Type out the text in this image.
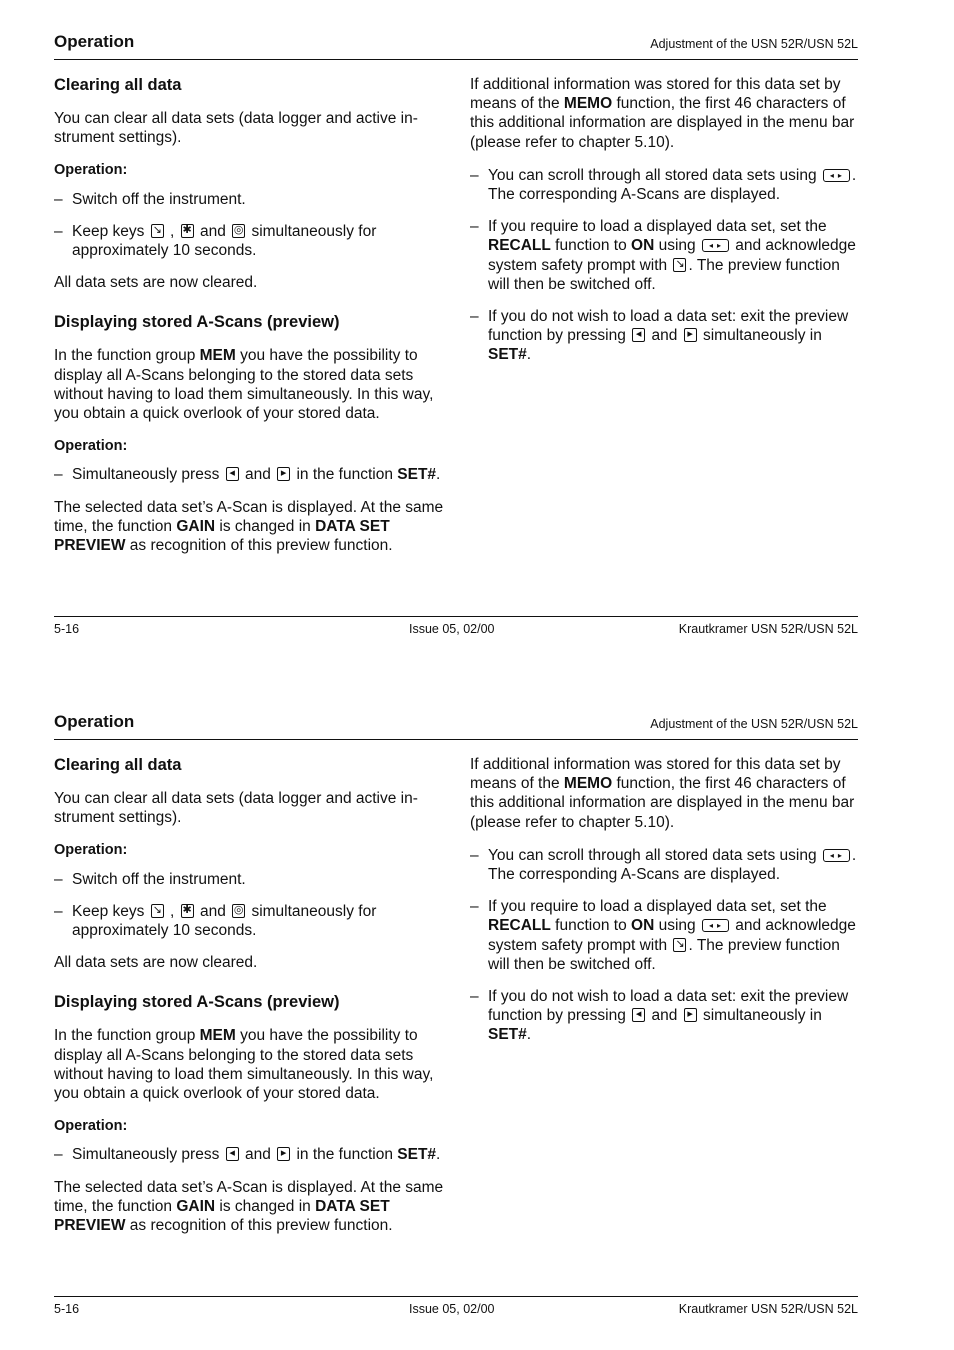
Operation	Adjustment of the USN 52R/USN 52L
Clearing all data

You can clear all data sets (data logger and active in-strument settings).

Operation:
– Switch off the instrument.
– Keep keys ↘ , ✱ and ◎ simultaneously for approximately 10 seconds.

All data sets are now cleared.

Displaying stored A-Scans (preview)

In the function group MEM you have the possibility to display all A-Scans belonging to the stored data sets without having to load them simultaneously. In this way, you obtain a quick overlook of your stored data.

Operation:
– Simultaneously press ◂ and ▸ in the function SET#.

The selected data set’s A-Scan is displayed. At the same time, the function GAIN is changed in DATA SET PREVIEW as recognition of this preview function.

If additional information was stored for this data set by means of the MEMO function, the first 46 characters of this additional information are displayed in the menu bar (please refer to chapter 5.10).

– You can scroll through all stored data sets using	◂▸ . The corresponding A-Scans are displayed.
– If you require to load a displayed data set, set the RECALL function to ON using	◂▸ and acknowledge system safety prompt with ↘ . The preview function will then be switched off.
– If you do not wish to load a data set: exit the preview function by pressing ◂ and ▸ simultaneously in SET#.
5-16	Issue 05, 02/00	Krautkramer USN 52R/USN 52L
Operation	Adjustment of the USN 52R/USN 52L
Clearing all data

You can clear all data sets (data logger and active in-strument settings).

Operation:
– Switch off the instrument.
– Keep keys ↘ , ✱ and ◎ simultaneously for approximately 10 seconds.

All data sets are now cleared.

Displaying stored A-Scans (preview)

In the function group MEM you have the possibility to display all A-Scans belonging to the stored data sets without having to load them simultaneously. In this way, you obtain a quick overlook of your stored data.

Operation:
– Simultaneously press ◂ and ▸ in the function SET#.

The selected data set’s A-Scan is displayed. At the same time, the function GAIN is changed in DATA SET PREVIEW as recognition of this preview function.

If additional information was stored for this data set by means of the MEMO function, the first 46 characters of this additional information are displayed in the menu bar (please refer to chapter 5.10).

– You can scroll through all stored data sets using	◂▸ . The corresponding A-Scans are displayed.
– If you require to load a displayed data set, set the RECALL function to ON using	◂▸ and acknowledge system safety prompt with ↘ . The preview function will then be switched off.
– If you do not wish to load a data set: exit the preview function by pressing ◂ and ▸ simultaneously in SET#.
5-16	Issue 05, 02/00	Krautkramer USN 52R/USN 52L
